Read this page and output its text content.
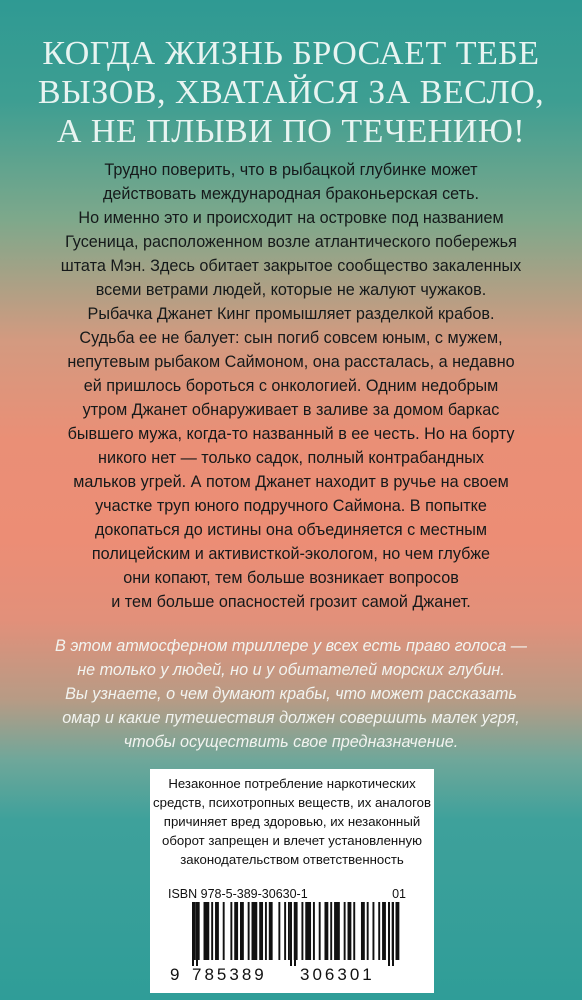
КОГДА ЖИЗНЬ БРОСАЕТ ТЕБЕ
ВЫЗОВ, ХВАТАЙСЯ ЗА ВЕСЛО,
А НЕ ПЛЫВИ ПО ТЕЧЕНИЮ!
Трудно поверить, что в рыбацкой глубинке может
действовать международная браконьерская сеть.
Но именно это и происходит на островке под названием
Гусеница, расположенном возле атлантического побережья
штата Мэн. Здесь обитает закрытое сообщество закаленных
всеми ветрами людей, которые не жалуют чужаков.
Рыбачка Джанет Кинг промышляет разделкой крабов.
Судьба ее не балует: сын погиб совсем юным, с мужем,
непутевым рыбаком Саймоном, она рассталась, а недавно
ей пришлось бороться с онкологией. Одним недобрым
утром Джанет обнаруживает в заливе за домом баркас
бывшего мужа, когда-то названный в ее честь. Но на борту
никого нет — только садок, полный контрабандных
мальков угрей. А потом Джанет находит в ручье на своем
участке труп юного подручного Саймона. В попытке
докопаться до истины она объединяется с местным
полицейским и активисткой-экологом, но чем глубже
они копают, тем больше возникает вопросов
и тем больше опасностей грозит самой Джанет.
В этом атмосферном триллере у всех есть право голоса —
не только у людей, но и у обитателей морских глубин.
Вы узнаете, о чем думают крабы, что может рассказать
омар и какие путешествия должен совершить малек угря,
чтобы осуществить свое предназначение.
Незаконное потребление наркотических
средств, психотропных веществ, их аналогов
причиняет вред здоровью, их незаконный
оборот запрещен и влечет установленную
законодательством ответственность
ISBN 978-5-389-30630-1	01
9 785389 306301
